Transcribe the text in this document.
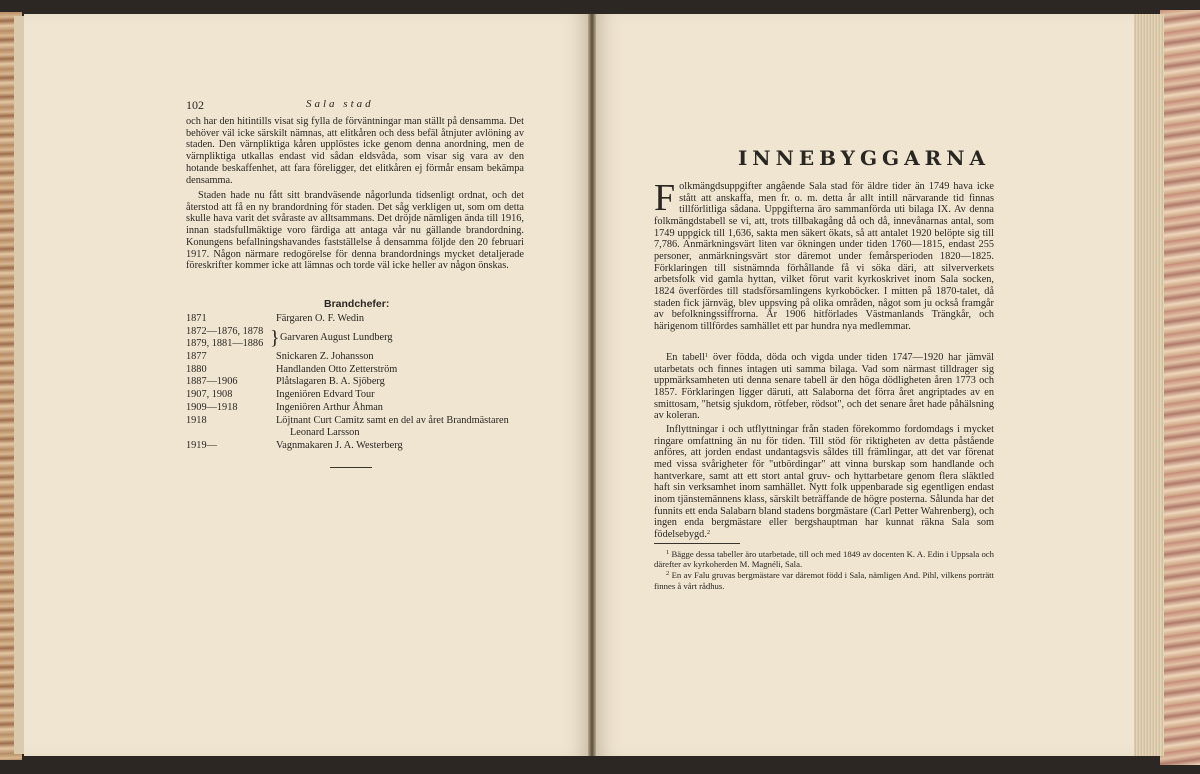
102	Sala stad

och har den hitintills visat sig fylla de förväntningar man ställt på densamma. Det behöver väl icke särskilt nämnas, att elitkåren och dess befäl åtnjuter avlöning av staden. Den värnpliktiga kåren upplöstes icke genom denna anordning, men de värnpliktiga utkallas endast vid sådan eldsvåda, som visar sig vara av den hotande beskaffenhet, att fara föreligger, det elitkåren ej förmår ensam bekämpa densamma.

Staden hade nu fått sitt brandväsende någorlunda tidsenligt ordnat, och det återstod att få en ny brandordning för staden. Det såg verkligen ut, som om detta skulle hava varit det svåraste av alltsammans. Det dröjde nämligen ända till 1916, innan stadsfullmäktige voro färdiga att antaga vår nu gällande brandordning. Konungens befallningshavandes fastställelse å densamma följde den 20 februari 1917. Någon närmare redogörelse för denna brandordnings mycket detaljerade föreskrifter kommer icke att lämnas och torde väl icke heller av någon önskas.

Brandchefer:
1871	Färgaren O. F. Wedin
1872—1876, 1878
1879, 1881—1886 } Garvaren August Lundberg
1877	Snickaren Z. Johansson
1880	Handlanden Otto Zetterström
1887—1906	Plåtslagaren B. A. Sjöberg
1907, 1908	Ingeniören Edvard Tour
1909—1918	Ingeniören Arthur Åhman
1918	Löjtnant Curt Camitz samt en del av året Brandmästaren
Leonard Larsson
1919—	Vagnmakaren J. A. Westerberg
INNEBYGGARNA

Folkmängdsuppgifter angående Sala stad för äldre tider än 1749 hava icke stått att anskaffa, men fr. o. m. detta år allt intill närvarande tid finnas tillförlitliga sådana. Uppgifterna äro sammanförda uti bilaga IX. Av denna folkmängdstabell se vi, att, trots tillbakagång då och då, innevånarnas antal, som 1749 uppgick till 1,636, sakta men säkert ökats, så att antalet 1920 belöpte sig till 7,786. Anmärkningsvärt liten var ökningen under tiden 1760—1815, endast 255 personer, anmärkningsvärt stor däremot under femårsperioden 1820—1825. Förklaringen till sistnämnda förhållande få vi söka däri, att silververkets arbetsfolk vid gamla hyttan, vilket förut varit kyrkoskrivet inom Sala socken, 1824 överfördes till stadsförsamlingens kyrkoböcker. I mitten på 1870-talet, då staden fick järnväg, blev uppsving på olika områden, något som ju också framgår av befolkningssiffrorna. År 1906 hitförlades Västmanlands Trängkår, och härigenom tillfördes samhället ett par hundra nya medlemmar.

En tabell$^1$ över födda, döda och vigda under tiden 1747—1920 har jämväl utarbetats och finnes intagen uti samma bilaga. Vad som närmast tilldrager sig uppmärksamheten uti denna senare tabell är den höga dödligheten åren 1773 och 1857. Förklaringen ligger däruti, att Salaborna det förra året angriptades av en smittosam, "hetsig sjukdom, rötfeber, rödsot", och det senare året hade påhälsning av koleran.

Inflyttningar i och utflyttningar från staden förekommo fordomdags i mycket ringare omfattning än nu för tiden. Till stöd för riktigheten av detta påstående anföres, att jorden endast undantagsvis såldes till främlingar, att det var förenat med vissa svårigheter för "utbördingar" att vinna burskap som handlande och hantverkare, samt att ett stort antal gruv- och hyttarbetare genom flera släktled haft sin verksamhet inom samhället. Nytt folk uppenbarade sig egentligen endast inom tjänstemännens klass, särskilt beträffande de högre posterna. Sålunda har det funnits ett enda Salabarn bland stadens borgmästare (Carl Petter Wahrenberg), och ingen enda bergmästare eller bergshauptman har kunnat räkna Sala som födelsebygd.$^2$

$^1$ Bägge dessa tabeller äro utarbetade, till och med 1849 av docenten K. A. Edin i Uppsala och därefter av kyrkoherden M. Magnéli, Sala.

$^2$ En av Falu gruvas bergmästare var däremot född i Sala, nämligen And. Pihl, vilkens porträtt finnes å vårt rådhus.
